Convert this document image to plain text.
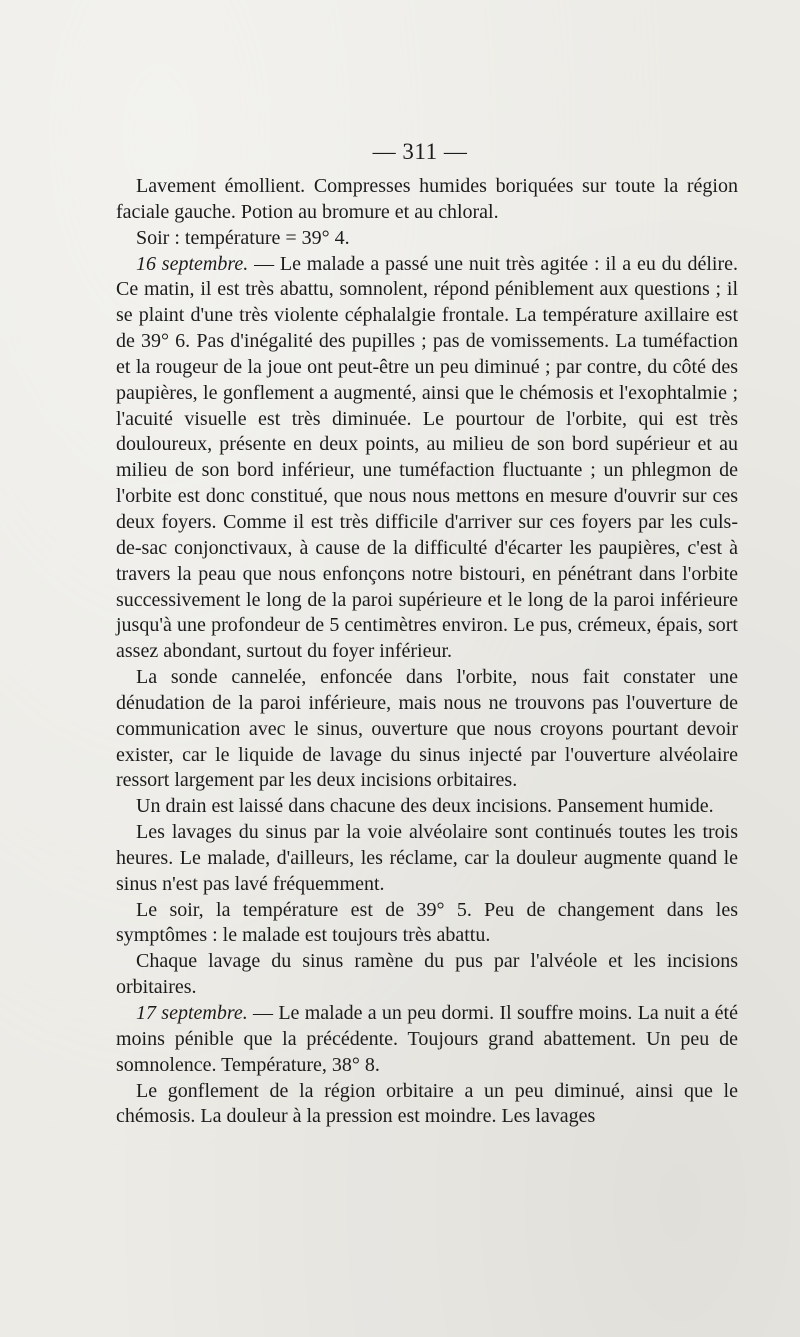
— 311 —

Lavement émollient. Compresses humides boriquées sur toute la région faciale gauche. Potion au bromure et au chloral.

Soir : température = 39° 4.

16 septembre. — Le malade a passé une nuit très agitée : il a eu du délire. Ce matin, il est très abattu, somnolent, répond péniblement aux questions ; il se plaint d'une très violente céphalalgie frontale. La température axillaire est de 39° 6. Pas d'inégalité des pupilles ; pas de vomissements. La tuméfaction et la rougeur de la joue ont peut-être un peu diminué ; par contre, du côté des paupières, le gonflement a augmenté, ainsi que le chémosis et l'exophtalmie ; l'acuité visuelle est très diminuée. Le pourtour de l'orbite, qui est très douloureux, présente en deux points, au milieu de son bord supérieur et au milieu de son bord inférieur, une tuméfaction fluctuante ; un phlegmon de l'orbite est donc constitué, que nous nous mettons en mesure d'ouvrir sur ces deux foyers. Comme il est très difficile d'arriver sur ces foyers par les culs-de-sac conjonctivaux, à cause de la difficulté d'écarter les paupières, c'est à travers la peau que nous enfonçons notre bistouri, en pénétrant dans l'orbite successivement le long de la paroi supérieure et le long de la paroi inférieure jusqu'à une profondeur de 5 centimètres environ. Le pus, crémeux, épais, sort assez abondant, surtout du foyer inférieur.

La sonde cannelée, enfoncée dans l'orbite, nous fait constater une dénudation de la paroi inférieure, mais nous ne trouvons pas l'ouverture de communication avec le sinus, ouverture que nous croyons pourtant devoir exister, car le liquide de lavage du sinus injecté par l'ouverture alvéolaire ressort largement par les deux incisions orbitaires.

Un drain est laissé dans chacune des deux incisions. Pansement humide.

Les lavages du sinus par la voie alvéolaire sont continués toutes les trois heures. Le malade, d'ailleurs, les réclame, car la douleur augmente quand le sinus n'est pas lavé fréquemment.

Le soir, la température est de 39° 5. Peu de changement dans les symptômes : le malade est toujours très abattu.

Chaque lavage du sinus ramène du pus par l'alvéole et les incisions orbitaires.

17 septembre. — Le malade a un peu dormi. Il souffre moins. La nuit a été moins pénible que la précédente. Toujours grand abattement. Un peu de somnolence. Température, 38° 8.

Le gonflement de la région orbitaire a un peu diminué, ainsi que le chémosis. La douleur à la pression est moindre. Les lavages
